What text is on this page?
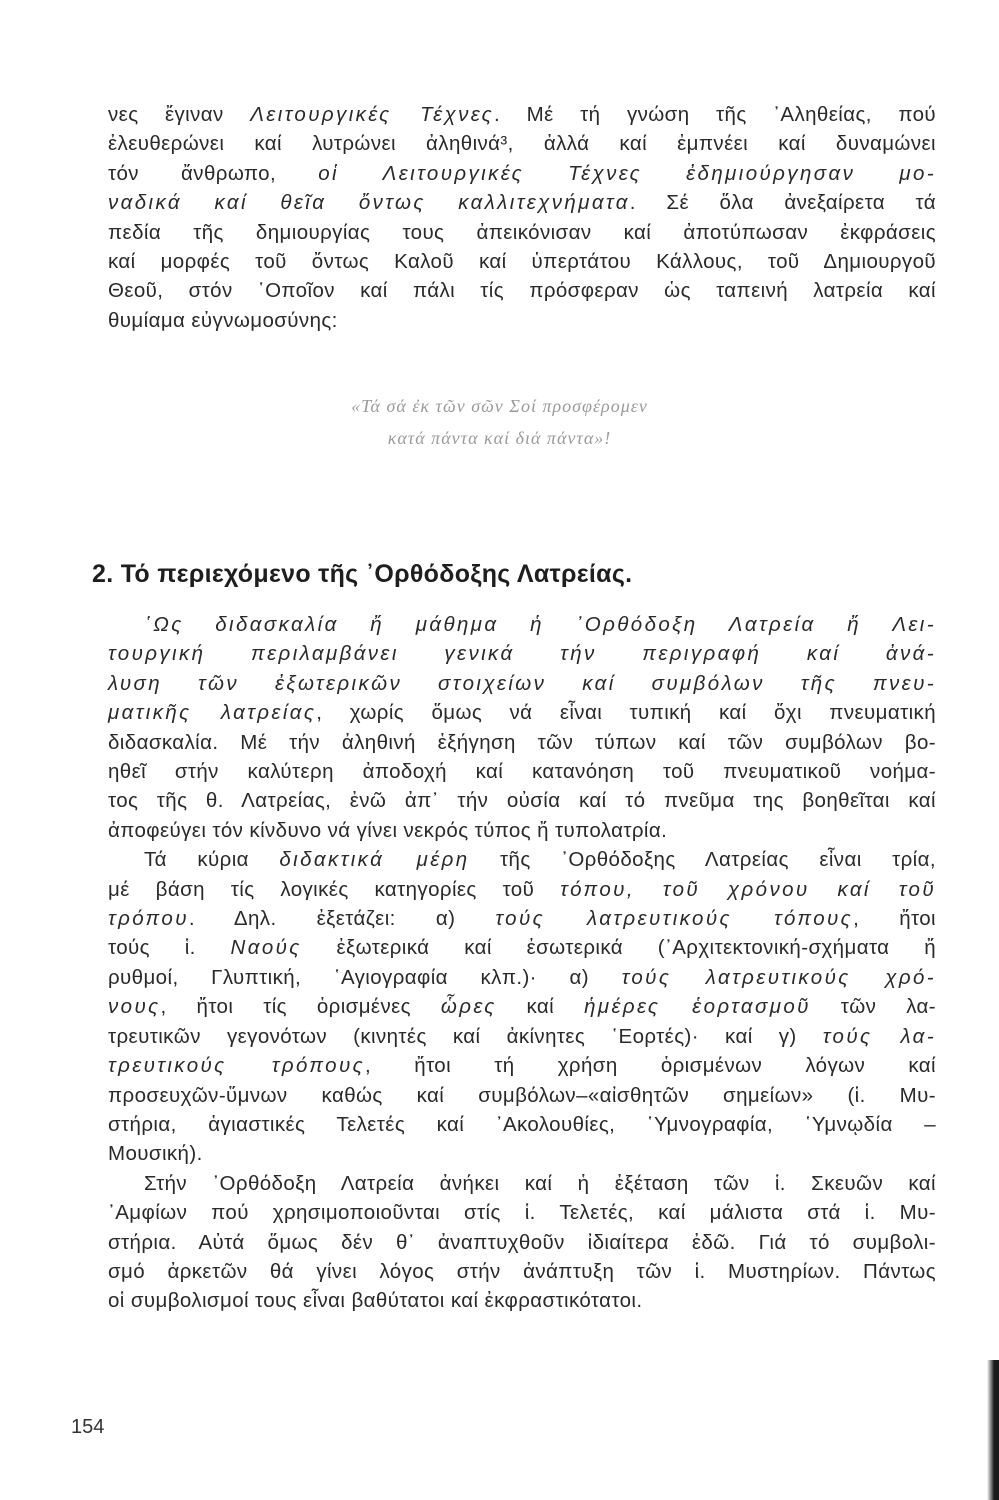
νες ἔγιναν Λειτουργικές Τέχνες. Μέ τή γνώση τῆς ᾿Αληθείας, πού
ἐλευθερώνει καί λυτρώνει ἀληθινά³, ἀλλά καί ἐμπνέει καί δυναμώνει
τόν ἄνθρωπο, οἱ Λειτουργικές Τέχνες ἐδημιούργησαν μο-
ναδικά καί θεῖα ὄντως καλλιτεχνήματα. Σέ ὅλα ἀνεξαίρετα τά
πεδία τῆς δημιουργίας τους ἀπεικόνισαν καί ἀποτύπωσαν ἐκφράσεις
καί μορφές τοῦ ὄντως Καλοῦ καί ὑπερτάτου Κάλλους, τοῦ Δημιουργοῦ
Θεοῦ, στόν ῾Οποῖον καί πάλι τίς πρόσφεραν ὡς ταπεινή λατρεία καί
θυμίαμα εὐγνωμοσύνης:
«Τά σά ἐκ τῶν σῶν Σοί προσφέρομεν
κατά πάντα καί διά πάντα»!
2. Τό περιεχόμενο τῆς ᾿Ορθόδοξης Λατρείας.
῾Ως διδασκαλία ἤ μάθημα ἡ ᾿Ορθόδοξη Λατρεία ἤ Λει-
τουργική περιλαμβάνει γενικά τήν περιγραφή καί ἀνά-
λυση τῶν ἐξωτερικῶν στοιχείων καί συμβόλων τῆς πνευ-
ματικῆς λατρείας, χωρίς ὅμως νά εἶναι τυπική καί ὄχι πνευματική
διδασκαλία. Μέ τήν ἀληθινή ἑξήγηση τῶν τύπων καί τῶν συμβόλων βο-
ηθεῖ στήν καλύτερη ἀποδοχή καί κατανόηση τοῦ πνευματικοῦ νοήμα-
τος τῆς θ. Λατρείας, ἐνῶ ἀπ᾿ τήν οὐσία καί τό πνεῦμα της βοηθεῖται καί
ἀποφεύγει τόν κίνδυνο νά γίνει νεκρός τύπος ἤ τυπολατρία.
Τά κύρια διδακτικά μέρη τῆς ᾿Ορθόδοξης Λατρείας εἶναι τρία,
μέ βάση τίς λογικές κατηγορίες τοῦ τόπου, τοῦ χρόνου καί τοῦ
τρόπου. Δηλ. ἐξετάζει: α) τούς λατρευτικούς τόπους, ἤτοι
τούς ἱ. Ναούς ἐξωτερικά καί ἐσωτερικά (᾿Αρχιτεκτονική-σχήματα ἤ
ρυθμοί, Γλυπτική, ῾Αγιογραφία κλπ.)· α) τούς λατρευτικούς χρό-
νους, ἤτοι τίς ὁρισμένες ὧρες καί ἡμέρες ἑορτασμοῦ τῶν λα-
τρευτικῶν γεγονότων (κινητές καί ἀκίνητες ῾Εορτές)· καί γ) τούς λα-
τρευτικούς τρόπους, ἤτοι τή χρήση ὁρισμένων λόγων καί
προσευχῶν-ὕμνων καθώς καί συμβόλων–«αἰσθητῶν σημείων» (ἱ. Μυ-
στήρια, ἁγιαστικές Τελετές καί ᾿Ακολουθίες, ῾Υμνογραφία, ῾Υμνῳδία –
Μουσική).
Στήν ᾿Ορθόδοξη Λατρεία ἀνήκει καί ἡ ἐξέταση τῶν ἱ. Σκευῶν καί
᾿Αμφίων πού χρησιμοποιοῦνται στίς ἱ. Τελετές, καί μάλιστα στά ἱ. Μυ-
στήρια. Αὐτά ὅμως δέν θ᾿ ἀναπτυχθοῦν ἰδιαίτερα ἐδῶ. Γιά τό συμβολι-
σμό ἀρκετῶν θά γίνει λόγος στήν ἀνάπτυξη τῶν ἱ. Μυστηρίων. Πάντως
οἱ συμβολισμοί τους εἶναι βαθύτατοι καί ἐκφραστικότατοι.
154
